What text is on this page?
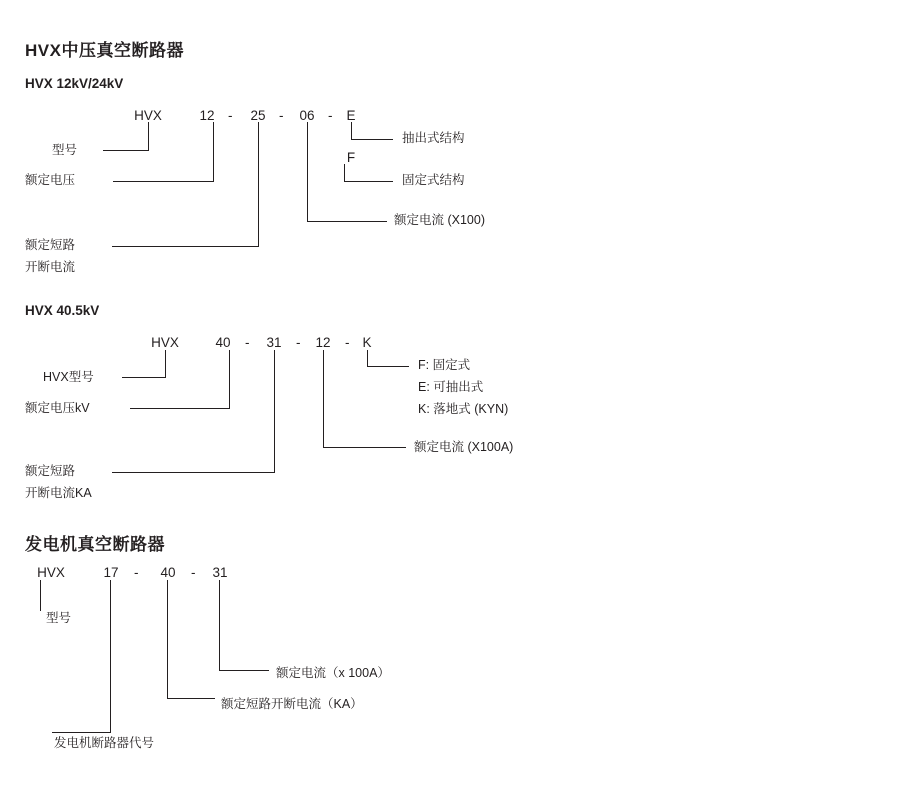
HVX中压真空断路器
HVX 12kV/24kV
HVX	12 -	25 -	06 -	E
F
型号
额定电压
额定短路
开断电流
额定电流 (X100)
抽出式结构
固定式结构
HVX 40.5kV
HVX	40	-	31	-	12	- K
HVX型号
额定电压kV
额定短路
开断电流KA
额定电流 (X100A)
F: 固定式
E: 可抽出式
K: 落地式 (KYN)
发电机真空断路器
HVX	17	-	40	-	31
型号
发电机断路器代号
额定短路开断电流（KA）
额定电流（x 100A）
